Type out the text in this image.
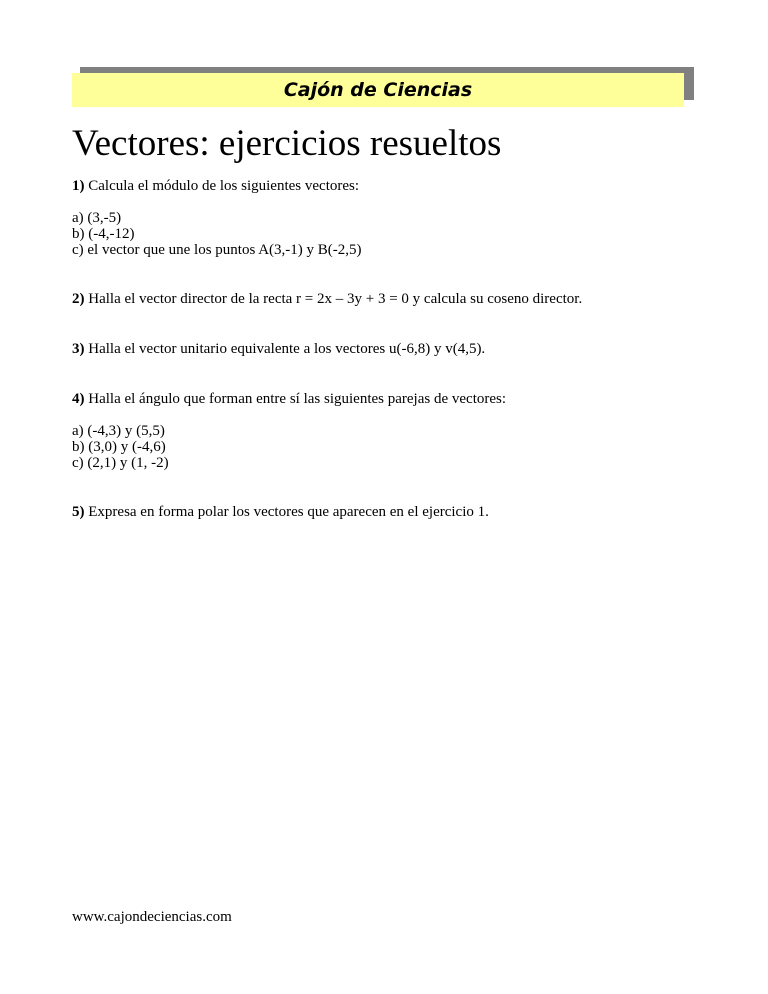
Cajón de Ciencias
Vectores: ejercicios resueltos
1) Calcula el módulo de los siguientes vectores:
a) (3,-5)
b) (-4,-12)
c) el vector que une los puntos A(3,-1) y B(-2,5)
2) Halla el vector director de la recta r = 2x – 3y + 3 = 0 y calcula su coseno director.
3) Halla el vector unitario equivalente a los vectores u(-6,8) y v(4,5).
4) Halla el ángulo que forman entre sí las siguientes parejas de vectores:
a) (-4,3) y (5,5)
b) (3,0) y (-4,6)
c) (2,1) y (1, -2)
5) Expresa en forma polar los vectores que aparecen en el ejercicio 1.
www.cajondeciencias.com
